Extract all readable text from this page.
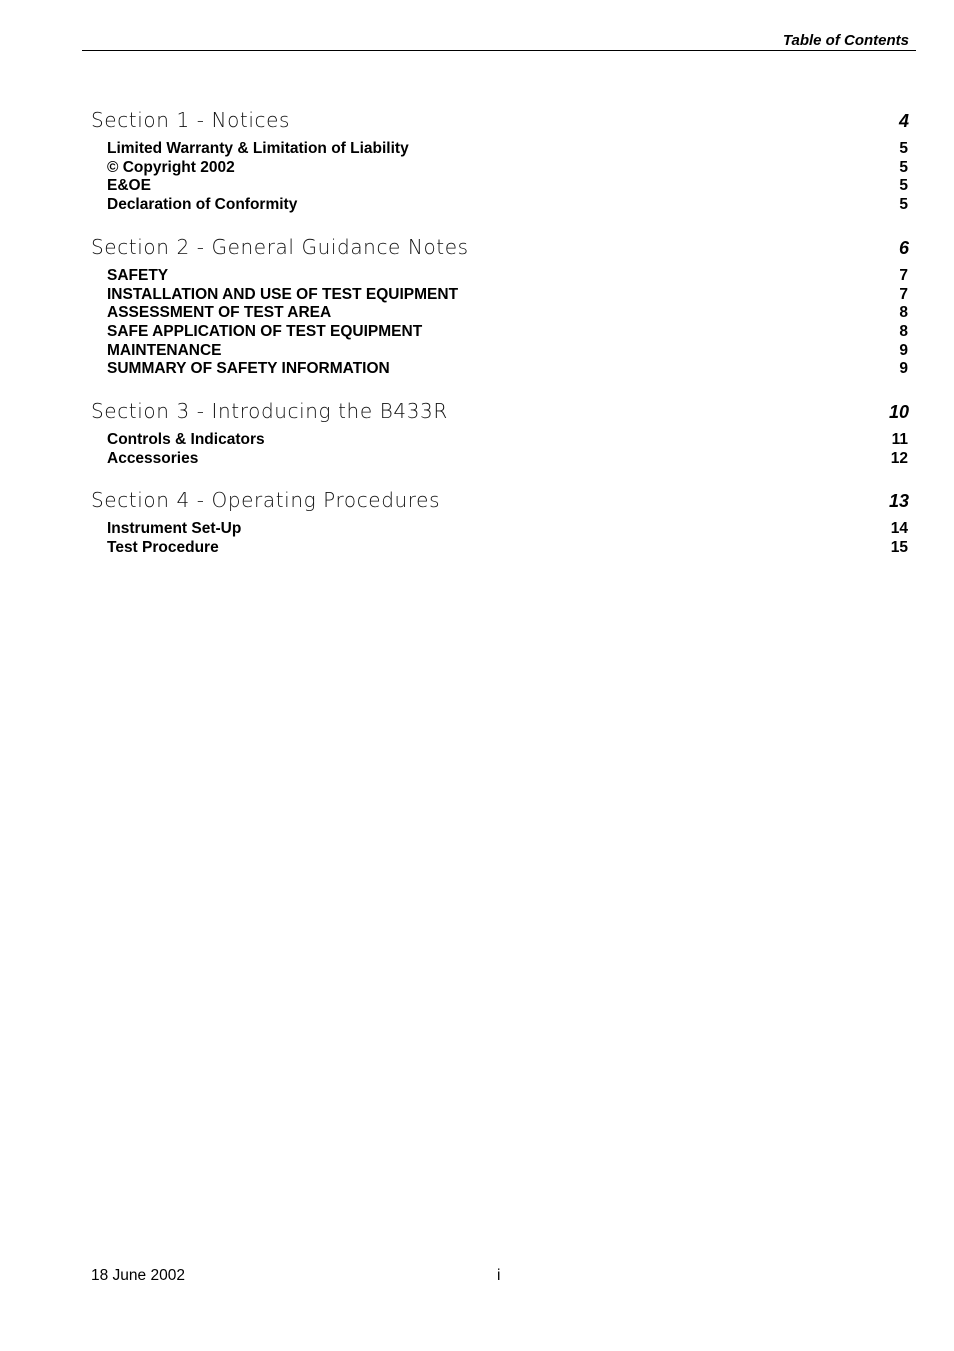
Table of Contents
Section 1 - Notices	4
Limited Warranty & Limitation of Liability	5
© Copyright 2002	5
E&OE	5
Declaration of Conformity	5
Section 2 - General Guidance Notes	6
SAFETY	7
INSTALLATION AND USE OF TEST EQUIPMENT	7
ASSESSMENT OF TEST AREA	8
SAFE APPLICATION OF TEST EQUIPMENT	8
MAINTENANCE	9
SUMMARY OF SAFETY INFORMATION	9
Section 3 - Introducing the B433R	10
Controls & Indicators	11
Accessories	12
Section 4 - Operating Procedures	13
Instrument Set-Up	14
Test Procedure	15
18 June 2002	i
